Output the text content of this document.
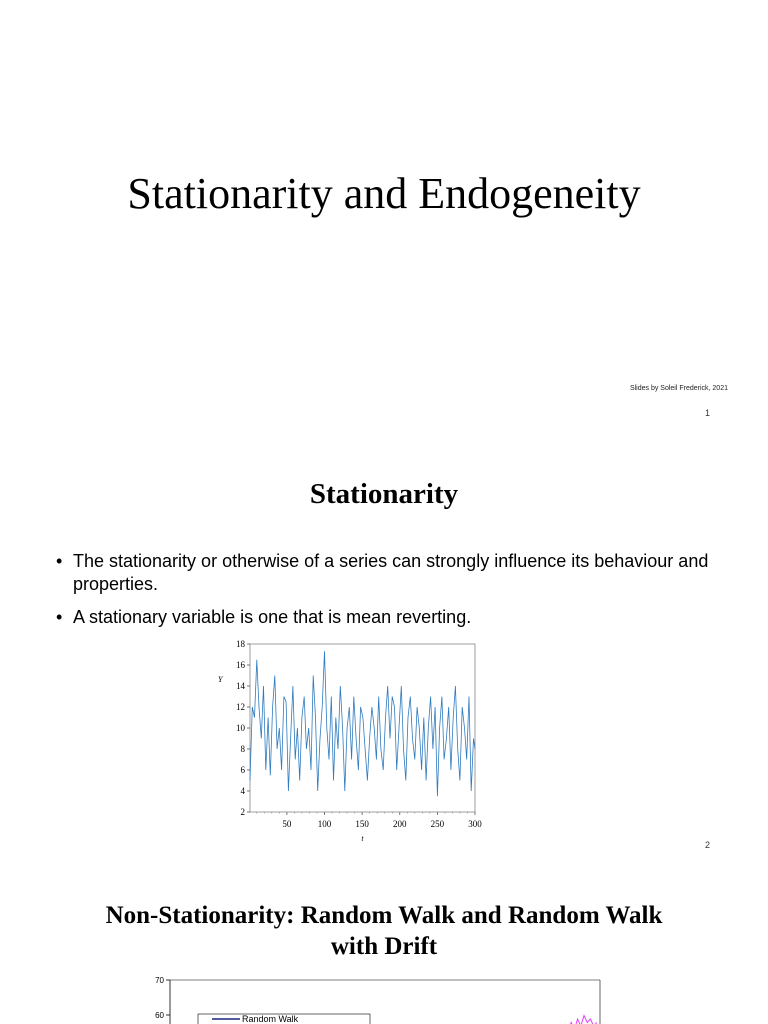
Stationarity and Endogeneity
Slides by Soleil Frederick, 2021
1
Stationarity
• The stationarity or otherwise of a series can strongly influence its behaviour and properties.
• A stationary variable is one that is mean reverting.
2
4
6
8
10
12
14
16
18
50	100	150	200	250	300
Y
t
2
Non-Stationarity: Random Walk and Random Walk
with Drift
60
70
Random Walk
